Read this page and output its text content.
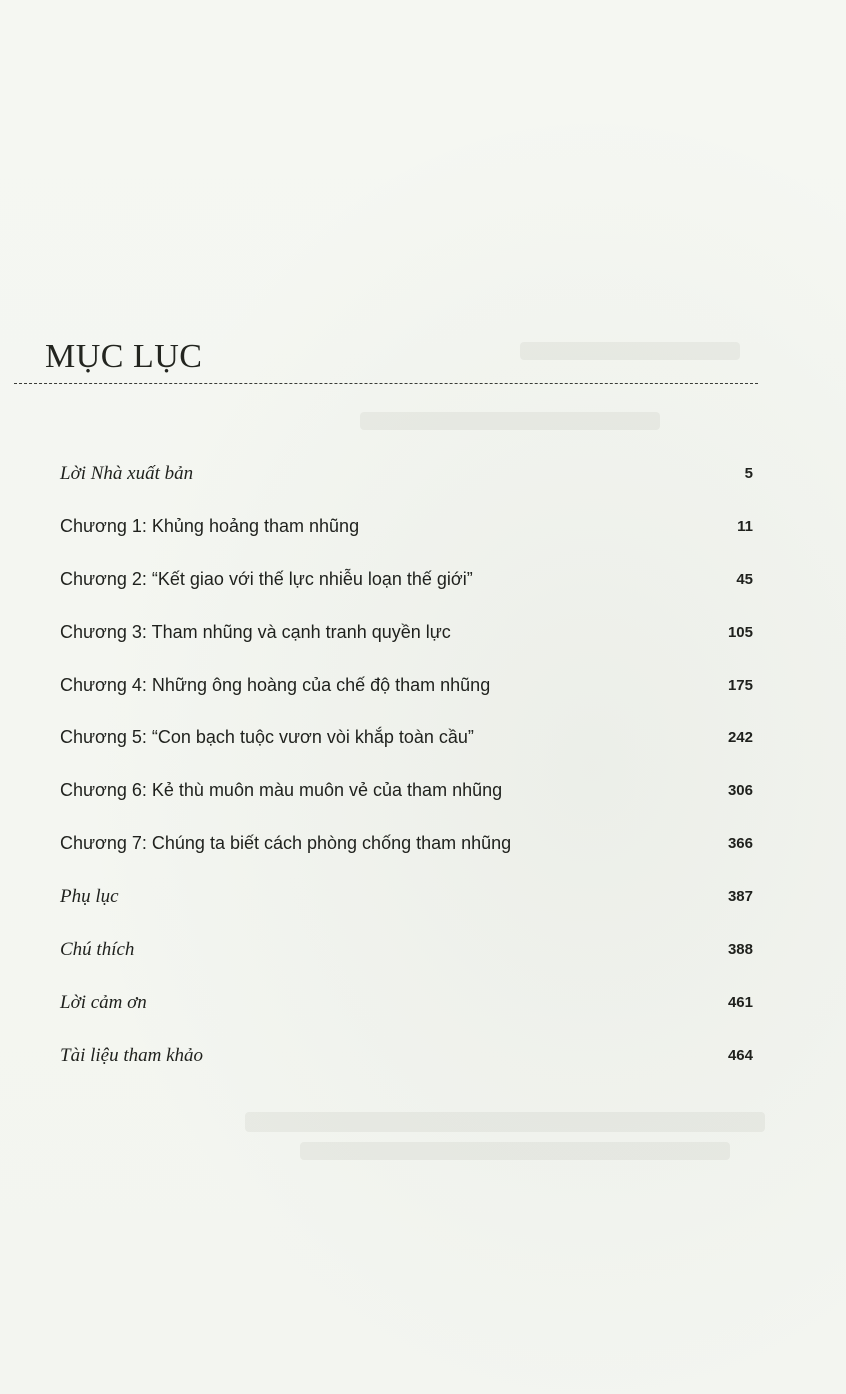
MỤC LỤC
Lời Nhà xuất bản	5
Chương 1: Khủng hoảng tham nhũng	11
Chương 2: “Kết giao với thế lực nhiễu loạn thế giới”	45
Chương 3: Tham nhũng và cạnh tranh quyền lực	105
Chương 4: Những ông hoàng của chế độ tham nhũng	175
Chương 5: “Con bạch tuộc vươn vòi khắp toàn cầu”	242
Chương 6: Kẻ thù muôn màu muôn vẻ của tham nhũng	306
Chương 7: Chúng ta biết cách phòng chống tham nhũng	366
Phụ lục	387
Chú thích	388
Lời cảm ơn	461
Tài liệu tham khảo	464
